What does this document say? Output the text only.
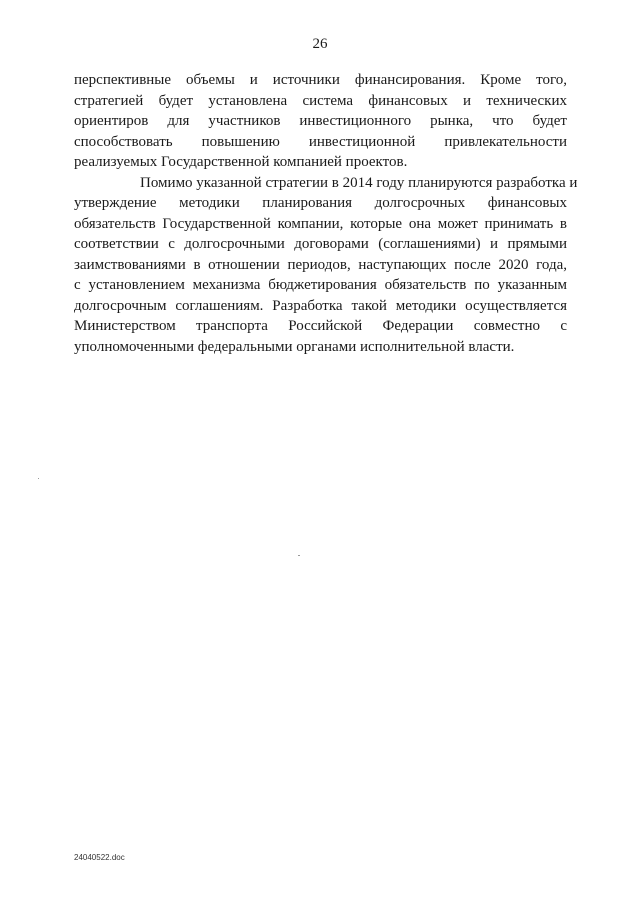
26
перспективные объемы и источники финансирования. Кроме того,
стратегией будет установлена система финансовых и технических
ориентиров для участников инвестиционного рынка, что будет
способствовать повышению инвестиционной привлекательности
реализуемых Государственной компанией проектов.
Помимо указанной стратегии в 2014 году планируются разработка и
утверждение методики планирования долгосрочных финансовых
обязательств Государственной компании, которые она может принимать в
соответствии с долгосрочными договорами (соглашениями) и прямыми
заимствованиями в отношении периодов, наступающих после 2020 года,
с установлением механизма бюджетирования обязательств по указанным
долгосрочным соглашениям. Разработка такой методики осуществляется
Министерством транспорта Российской Федерации совместно с
уполномоченными федеральными органами исполнительной власти.
24040522.doc
